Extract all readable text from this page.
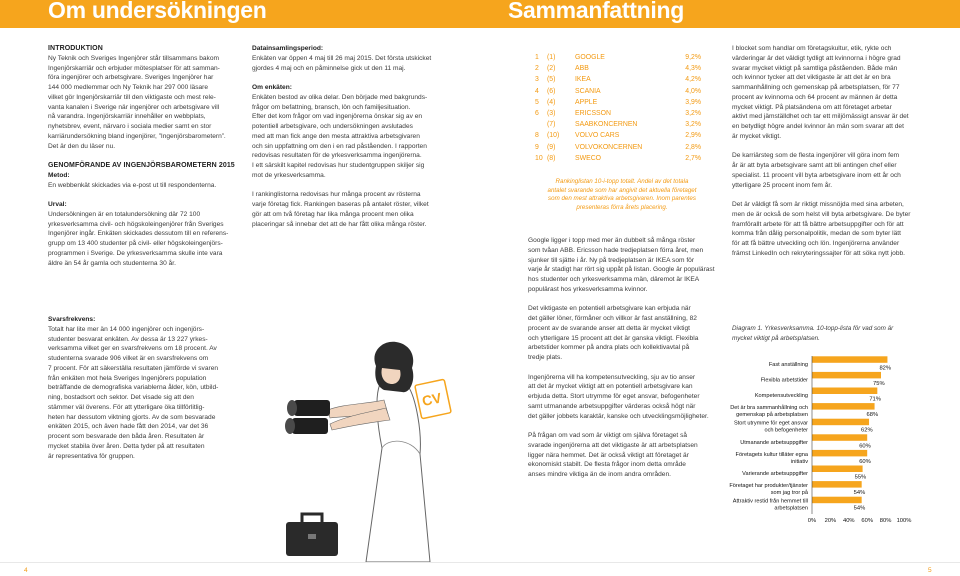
Om undersökningen	Sammanfattning

INTRODUKTION

Ny Teknik och Sveriges Ingenjörer står tillsammans bakom
Ingenjörskarriär och erbjuder mötesplatser för att samman-
föra ingenjörer och arbetsgivare. Sveriges Ingenjörer har
144 000 medlemmar och Ny Teknik har 297 000 läsare
vilket gör Ingenjörskarriär till den viktigaste och mest rele-
vanta kanalen i Sverige när ingenjörer och arbetsgivare vill
nå varandra. Ingenjörskarriär innehåller en webbplats,
nyhetsbrev, event, närvaro i sociala medier samt en stor
karriärundersökning bland ingenjörer, ”Ingenjörsbarometern”.
Det är den du läser nu.

GENOMFÖRANDE AV INGENJÖRSBAROMETERN 2015

Metod:

En webbenkät skickades via e-post ut till respondenterna.

Urval:

Undersökningen är en totalundersökning där 72 100
yrkesverksamma civil- och högskoleingenjörer från Sveriges
Ingenjörer ingår. Enkäten skickades dessutom till en referens-
grupp om 13 400 studenter på civil- eller högskoleingenjörs-
programmen i Sverige. De yrkesverksamma skulle inte vara
äldre än 54 år gamla och studenterna 30 år.

Svarsfrekvens:

Totalt har lite mer än 14 000 ingenjörer och ingenjörs-
studenter besvarat enkäten. Av dessa är 13 227 yrkes-
verksamma vilket ger en svarsfrekvens om 18 procent. Av
studenterna svarade 906 vilket är en svarsfrekvens om
7 procent. För att säkerställa resultaten jämförde vi svaren
från enkäten mot hela Sveriges Ingenjörers population
beträffande de demografiska variablerna ålder, kön, utbild-
ning, bostadsort och sektor. Det visade sig att den
stämmer väl överens. För att ytterligare öka tillförlitlig-
heten har dessutom viktning gjorts. Av de som besvarade
enkäten 2015, och även hade fått den 2014, var det 36
procent som besvarade den båda åren. Resultaten är
mycket stabila över åren. Detta tyder på att resultaten
är representativa för gruppen.

Datainsamlingsperiod:

Enkäten var öppen 4 maj till 26 maj 2015. Det första utskicket
gjordes 4 maj och en påminnelse gick ut den 11 maj.

Om enkäten:

Enkäten bestod av olika delar. Den började med bakgrunds-
frågor om befattning, bransch, lön och familjesituation.
Efter det kom frågor om vad ingenjörerna önskar sig av en
potentiell arbetsgivare, och undersökningen avslutades
med att man fick ange den mesta attraktiva arbetsgivaren
och sin uppfattning om den i en rad påståenden. I rapporten
redovisas resultaten för de yrkesverksamma ingenjörerna.
I ett särskilt kapitel redovisas hur studentgruppen skiljer sig
mot de yrkesverksamma.
I rankinglistorna redovisas hur många procent av rösterna
varje företag fick. Rankingen baseras på antalet röster, vilket
gör att om två företag har lika många procent men olika
placeringar så innebar det att de har fått olika många röster.
CV
1 (1)	GOOGLE	9,2%
2 (2)	ABB	4,3%
3 (5)	IKEA	4,2%
4 (6)	SCANIA	4,0%
5 (4)	APPLE	3,9%
6 (3)	ERICSSON	3,2%
(7)	SAABKONCERNEN	3,2%
8 (10) VOLVO CARS	2,9%
9 (9)	VOLVOKONCERNEN	2,8%
10 (8)	SWECO	2,7%
Rankinglistan 10-i-topp totalt. Andel av det totala
antalet svarande som har angivit det aktuella företaget
som den mest attraktiva arbetsgivaren. Inom parentes
presenteras förra årets placering.
Google ligger i topp med mer än dubbelt så många röster
som tvåan ABB. Ericsson hade tredjeplatsen förra året, men
sjunker till sjätte i år. Ny på tredjeplatsen är IKEA som för
varje år stadigt har rört sig uppåt på listan. Google är populärast
hos studenter och yrkesverksamma män, däremot är IKEA
populärast hos yrkesverksamma kvinnor.
Det viktigaste en potentiell arbetsgivare kan erbjuda när
det gäller löner, förmåner och villkor är fast anställning, 82
procent av de svarande anser att detta är mycket viktigt
och ytterligare 15 procent att det är ganska viktigt. Flexibla
arbetstider kommer på andra plats och kollektivavtal på
tredje plats.
Ingenjörerna vill ha kompetensutveckling, sju av tio anser
att det är mycket viktigt att en potentiell arbetsgivare kan
erbjuda detta. Stort utrymme för eget ansvar, befogenheter
samt utmanande arbetsuppgifter värderas också högt när
det gäller jobbets karaktär, kanske och utvecklingsmöjligheter.
På frågan om vad som är viktigt om själva företaget så
svarade ingenjörerna att det viktigaste är att arbetsplatsen
ligger nära hemmet. Det är också viktigt att företaget är
ekonomiskt stabilt. De flesta frågor inom detta område
anses mindre viktiga än de inom andra områden.
I blocket som handlar om företagskultur, etik, rykte och
värderingar är det väldigt tydligt att kvinnorna i högre grad
svarar mycket viktigt på samtliga påståenden. Både män
och kvinnor tycker att det viktigaste är att det är en bra
sammanhållning och gemenskap på arbetsplatsen, för 77
procent av kvinnorna och 64 procent av männen är detta
mycket viktigt. På platsändena om att företaget arbetar
aktivt med jämställdhet och tar ett miljömässigt ansvar är det
en betydligt högre andel kvinnor än män som svarar att det
är mycket viktigt.
De karriärsteg som de flesta ingenjörer vill göra inom fem
år är att byta arbetsgivare samt att bli antingen chef eller
specialist. 11 procent vill byta arbetsgivare inom ett år och
ytterligare 25 procent inom fem år.
Det är väldigt få som är riktigt missnöjda med sina arbeten,
men de är också de som helst vill byta arbetsgivare. De byter
framförallt arbete för att få bättre arbetsuppgifter och för att
komma från dålig personalpolitik, medan de som byter lätt
för att få bättre utveckling och lön. Ingenjörerna använder
främst LinkedIn och rekryteringssajter för att söka nytt jobb.
Diagram 1. Yrkesverksamma. 10-topp-lista för vad som är
mycket viktigt på arbetsplatsen.
Fast anställning
82%
Flexibla arbetstider
75%
Kompetensutveckling
71%
Det är bra sammanhållning och
gemenskap på arbetsplatsen	68%
Stort utrymme för eget ansvar
och befogenheter	62%
Utmanande arbetsuppgifter
60%
Företagets kultur tilläter egna
initiativ	60%
Varierande arbetsuppgifter
55%
Företaget har produkter/tjänster
som jag tror på	54%
Attraktiv restid från hemmet till
arbetsplatsen	54%
0% 20% 40% 60% 80% 100%
4	5
